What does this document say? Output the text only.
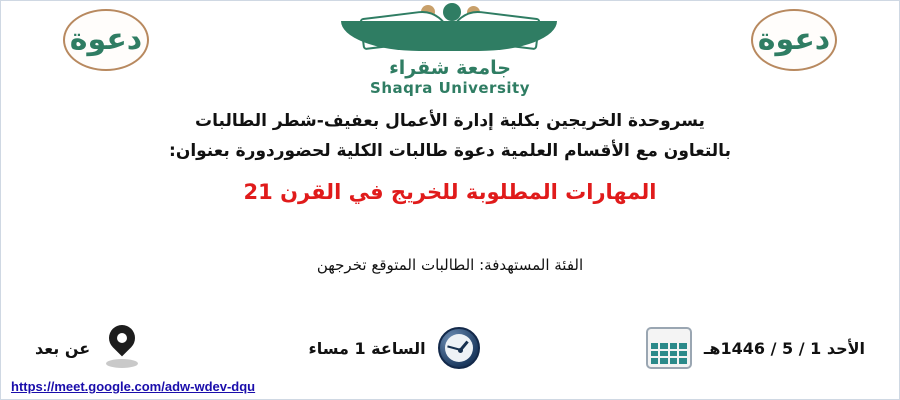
دعوة
جامعة شقراء
Shaqra University
دعوة
يسروحدة الخريجين بكلية إدارة الأعمال بعفيف-شطر الطالبات
بالتعاون مع الأقسام العلمية دعوة طالبات الكلية لحضوردورة بعنوان:
المهارات المطلوبة للخريج في القرن 21
الفئة المستهدفة: الطالبات المتوقع تخرجهن
الأحد 1 / 5 / 1446هـ
الساعة 1 مساء
عن بعد
https://meet.google.com/adw-wdev-dqu
